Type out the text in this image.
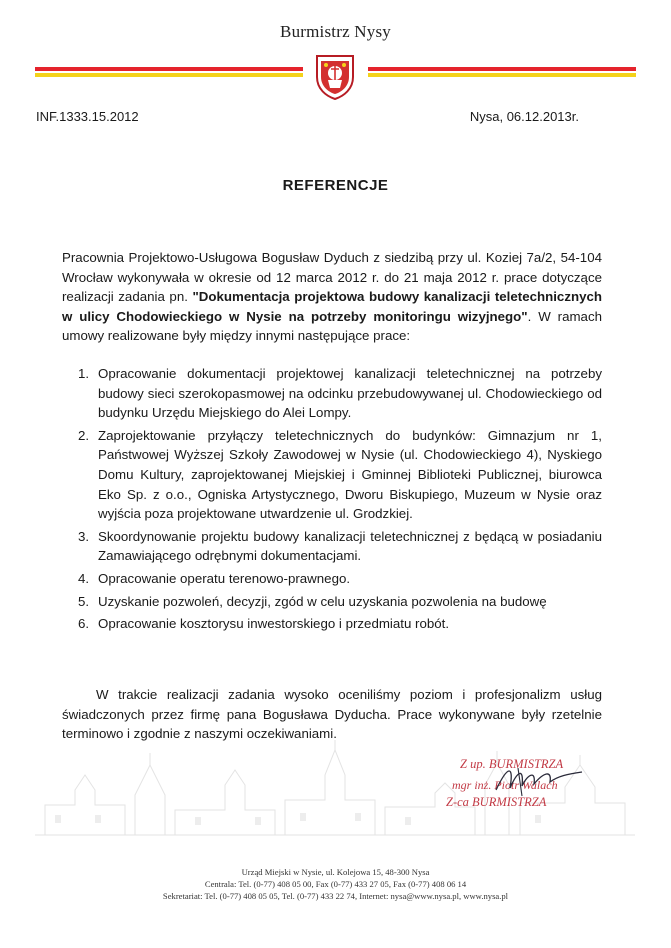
Burmistrz Nysy
INF.1333.15.2012	Nysa, 06.12.2013r.
REFERENCJE
Pracownia Projektowo-Usługowa Bogusław Dyduch z siedzibą przy ul. Koziej 7a/2, 54-104 Wrocław wykonywała w okresie od 12 marca 2012 r. do 21 maja 2012 r. prace dotyczące realizacji zadania pn. "Dokumentacja projektowa budowy kanalizacji teletechnicznych w ulicy Chodowieckiego w Nysie na potrzeby monitoringu wizyjnego". W ramach umowy realizowane były między innymi następujące prace:
1. Opracowanie dokumentacji projektowej kanalizacji teletechnicznej na potrzeby budowy sieci szerokopasmowej na odcinku przebudowywanej ul. Chodowieckiego od budynku Urzędu Miejskiego do Alei Lompy.
2. Zaprojektowanie przyłączy teletechnicznych do budynków: Gimnazjum nr 1, Państwowej Wyższej Szkoły Zawodowej w Nysie (ul. Chodowieckiego 4), Nyskiego Domu Kultury, zaprojektowanej Miejskiej i Gminnej Biblioteki Publicznej, biurowca Eko Sp. z o.o., Ogniska Artystycznego, Dworu Biskupiego, Muzeum w Nysie oraz wyjścia poza projektowane utwardzenie ul. Grodzkiej.
3. Skoordynowanie projektu budowy kanalizacji teletechnicznej z będącą w posiadaniu Zamawiającego odrębnymi dokumentacjami.
4. Opracowanie operatu terenowo-prawnego.
5. Uzyskanie pozwoleń, decyzji, zgód w celu uzyskania pozwolenia na budowę
6. Opracowanie kosztorysu inwestorskiego i przedmiatu robót.
W trakcie realizacji zadania wysoko oceniliśmy poziom i profesjonalizm usług świadczonych przez firmę pana Bogusława Dyducha. Prace wykonywane były rzetelnie terminowo i zgodnie z naszymi oczekiwaniami.
Z up. BURMISTRZA
mgr inż. Piotr Walach
Z-ca BURMISTRZA
Urząd Miejski w Nysie, ul. Kolejowa 15, 48-300 Nysa
Centrala: Tel. (0-77) 408 05 00, Fax (0-77) 433 27 05, Fax (0-77) 408 06 14
Sekretariat: Tel. (0-77) 408 05 05, Tel. (0-77) 433 22 74, Internet: nysa@www.nysa.pl, www.nysa.pl
